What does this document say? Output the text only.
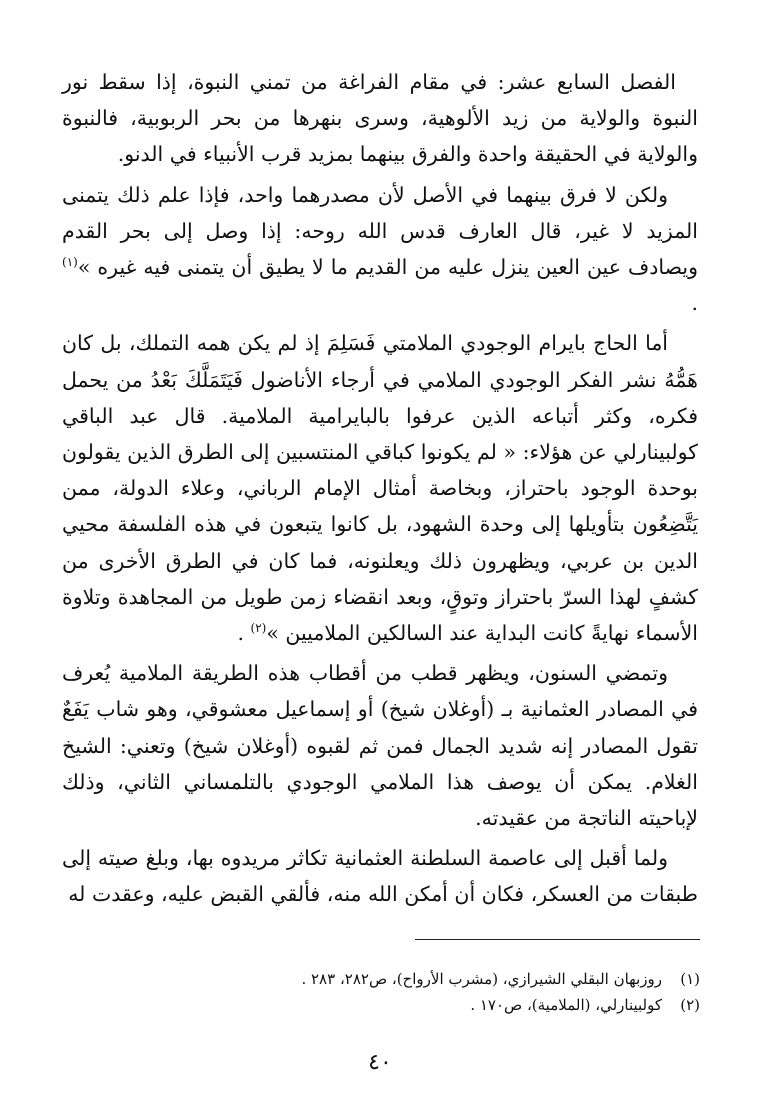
الفصل السابع عشر: في مقام الفراغة من تمني النبوة، إذا سقط نور النبوة والولاية من زيد الألوهية، وسرى بنهرها من بحر الربوبية، فالنبوة والولاية في الحقيقة واحدة والفرق بينهما بمزيد قرب الأنبياء في الدنو.

ولكن لا فرق بينهما في الأصل لأن مصدرهما واحد، فإذا علم ذلك يتمنى المزيد لا غير، قال العارف قدس الله روحه: إذا وصل إلى بحر القدم ويصادف عين العين ينزل عليه من القديم ما لا يطيق أن يتمنى فيه غيره »$^{(١)}$ .

أما الحاج بايرام الوجودي الملامتي فَسَلِمَ إذ لم يكن همه التملك، بل كان هَمُّهُ نشر الفكر الوجودي الملامي في أرجاء الأناضول فَيَتَمَلَّكَ بَعْدُ من يحمل فكره، وكثر أتباعه الذين عرفوا بالبايرامية الملامية. قال عبد الباقي كولبينارلي عن هؤلاء: « لم يكونوا كباقي المنتسبين إلى الطرق الذين يقولون بوحدة الوجود باحتراز، وبخاصة أمثال الإمام الرباني، وعلاء الدولة، ممن يَتَّضِعُون بتأويلها إلى وحدة الشهود، بل كانوا يتبعون في هذه الفلسفة محيي الدين بن عربي، ويظهرون ذلك ويعلنونه، فما كان في الطرق الأخرى من كشفٍ لهذا السرّ باحتراز وتوقٍ، وبعد انقضاء زمن طويل من المجاهدة وتلاوة الأسماء نهايةً كانت البداية عند السالكين الملاميين »$^{(٢)}$ .

وتمضي السنون، ويظهر قطب من أقطاب هذه الطريقة الملامية يُعرف في المصادر العثمانية بـ (أوغلان شيخ) أو إسماعيل معشوقي، وهو شاب يَفَعٌ تقول المصادر إنه شديد الجمال فمن ثم لقبوه (أوغلان شيخ) وتعني: الشيخ الغلام. يمكن أن يوصف هذا الملامي الوجودي بالتلمساني الثاني، وذلك لإباحيته الناتجة من عقيدته.

ولما أقبل إلى عاصمة السلطنة العثمانية تكاثر مريدوه بها، وبلغ صيته إلى طبقات من العسكر، فكان أن أمكن الله منه، فألقي القبض عليه، وعقدت له

(١)
روزبهان البقلي الشيرازي، (مشرب الأرواح)، ص٢٨٢، ٢٨٣ .
(٢)
كولبينارلي، (الملامية)، ص١٧٠ .
٤٠
